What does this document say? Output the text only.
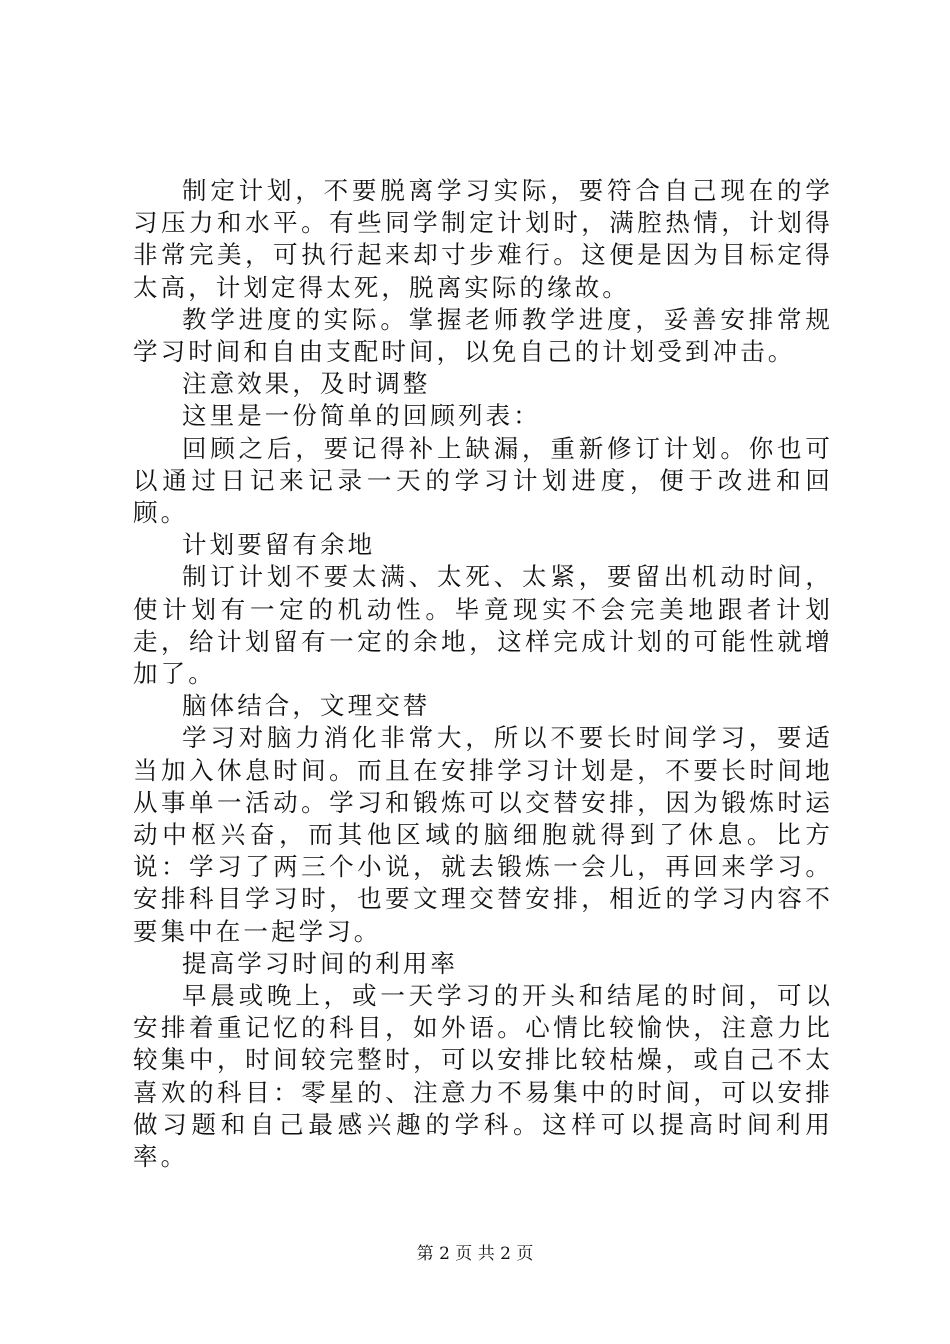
制定计划，不要脱离学习实际，要符合自己现在的学习压力和水平。有些同学制定计划时，满腔热情，计划得非常完美，可执行起来却寸步难行。这便是因为目标定得太高，计划定得太死，脱离实际的缘故。

教学进度的实际。掌握老师教学进度，妥善安排常规学习时间和自由支配时间，以免自己的计划受到冲击。

注意效果，及时调整

这里是一份简单的回顾列表：

回顾之后，要记得补上缺漏，重新修订计划。你也可以通过日记来记录一天的学习计划进度，便于改进和回顾。

计划要留有余地

制订计划不要太满、太死、太紧，要留出机动时间，使计划有一定的机动性。毕竟现实不会完美地跟者计划走，给计划留有一定的余地，这样完成计划的可能性就增加了。

脑体结合，文理交替

学习对脑力消化非常大，所以不要长时间学习，要适当加入休息时间。而且在安排学习计划是，不要长时间地从事单一活动。学习和锻炼可以交替安排，因为锻炼时运动中枢兴奋，而其他区域的脑细胞就得到了休息。比方说：学习了两三个小说，就去锻炼一会儿，再回来学习。安排科目学习时，也要文理交替安排，相近的学习内容不要集中在一起学习。

提高学习时间的利用率

早晨或晚上，或一天学习的开头和结尾的时间，可以安排着重记忆的科目，如外语。心情比较愉快，注意力比较集中，时间较完整时，可以安排比较枯燥，或自己不太喜欢的科目：零星的、注意力不易集中的时间，可以安排做习题和自己最感兴趣的学科。这样可以提高时间利用率。

第 2 页 共 2 页
